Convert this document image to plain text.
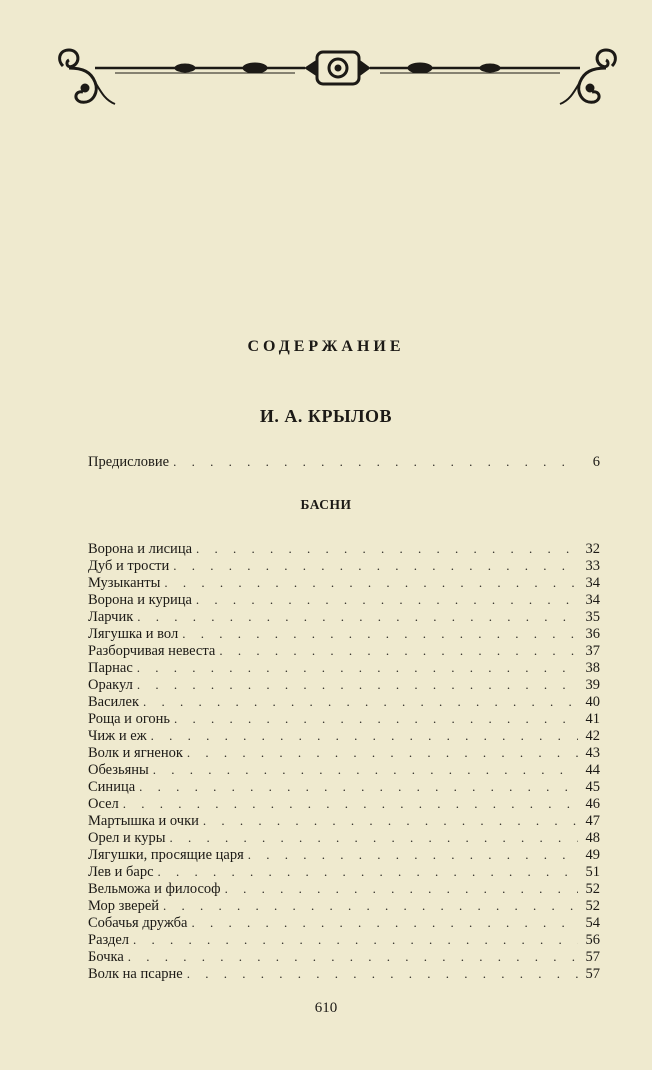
СОДЕРЖАНИЕ
И. А. КРЫЛОВ
Предисловие . . .	6
БАСНИ
Ворона и лисица . . .	32
Дуб и трости . . .	33
Музыканты . . .	34
Ворона и курица . . .	34
Ларчик . . .	35
Лягушка и вол . . .	36
Разборчивая невеста . . .	37
Парнас . . .	38
Оракул . . .	39
Василек . . .	40
Роща и огонь . . .	41
Чиж и еж . . .	42
Волк и ягненок . . .	43
Обезьяны . . .	44
Синица . . .	45
Осел . . .	46
Мартышка и очки . . .	47
Орел и куры . . .	48
Лягушки, просящие царя . . .	49
Лев и барс . . .	51
Вельможа и философ . . .	52
Мор зверей . . .	52
Собачья дружба . . .	54
Раздел . . .	56
Бочка . . .	57
Волк на псарне . . .	57
610
